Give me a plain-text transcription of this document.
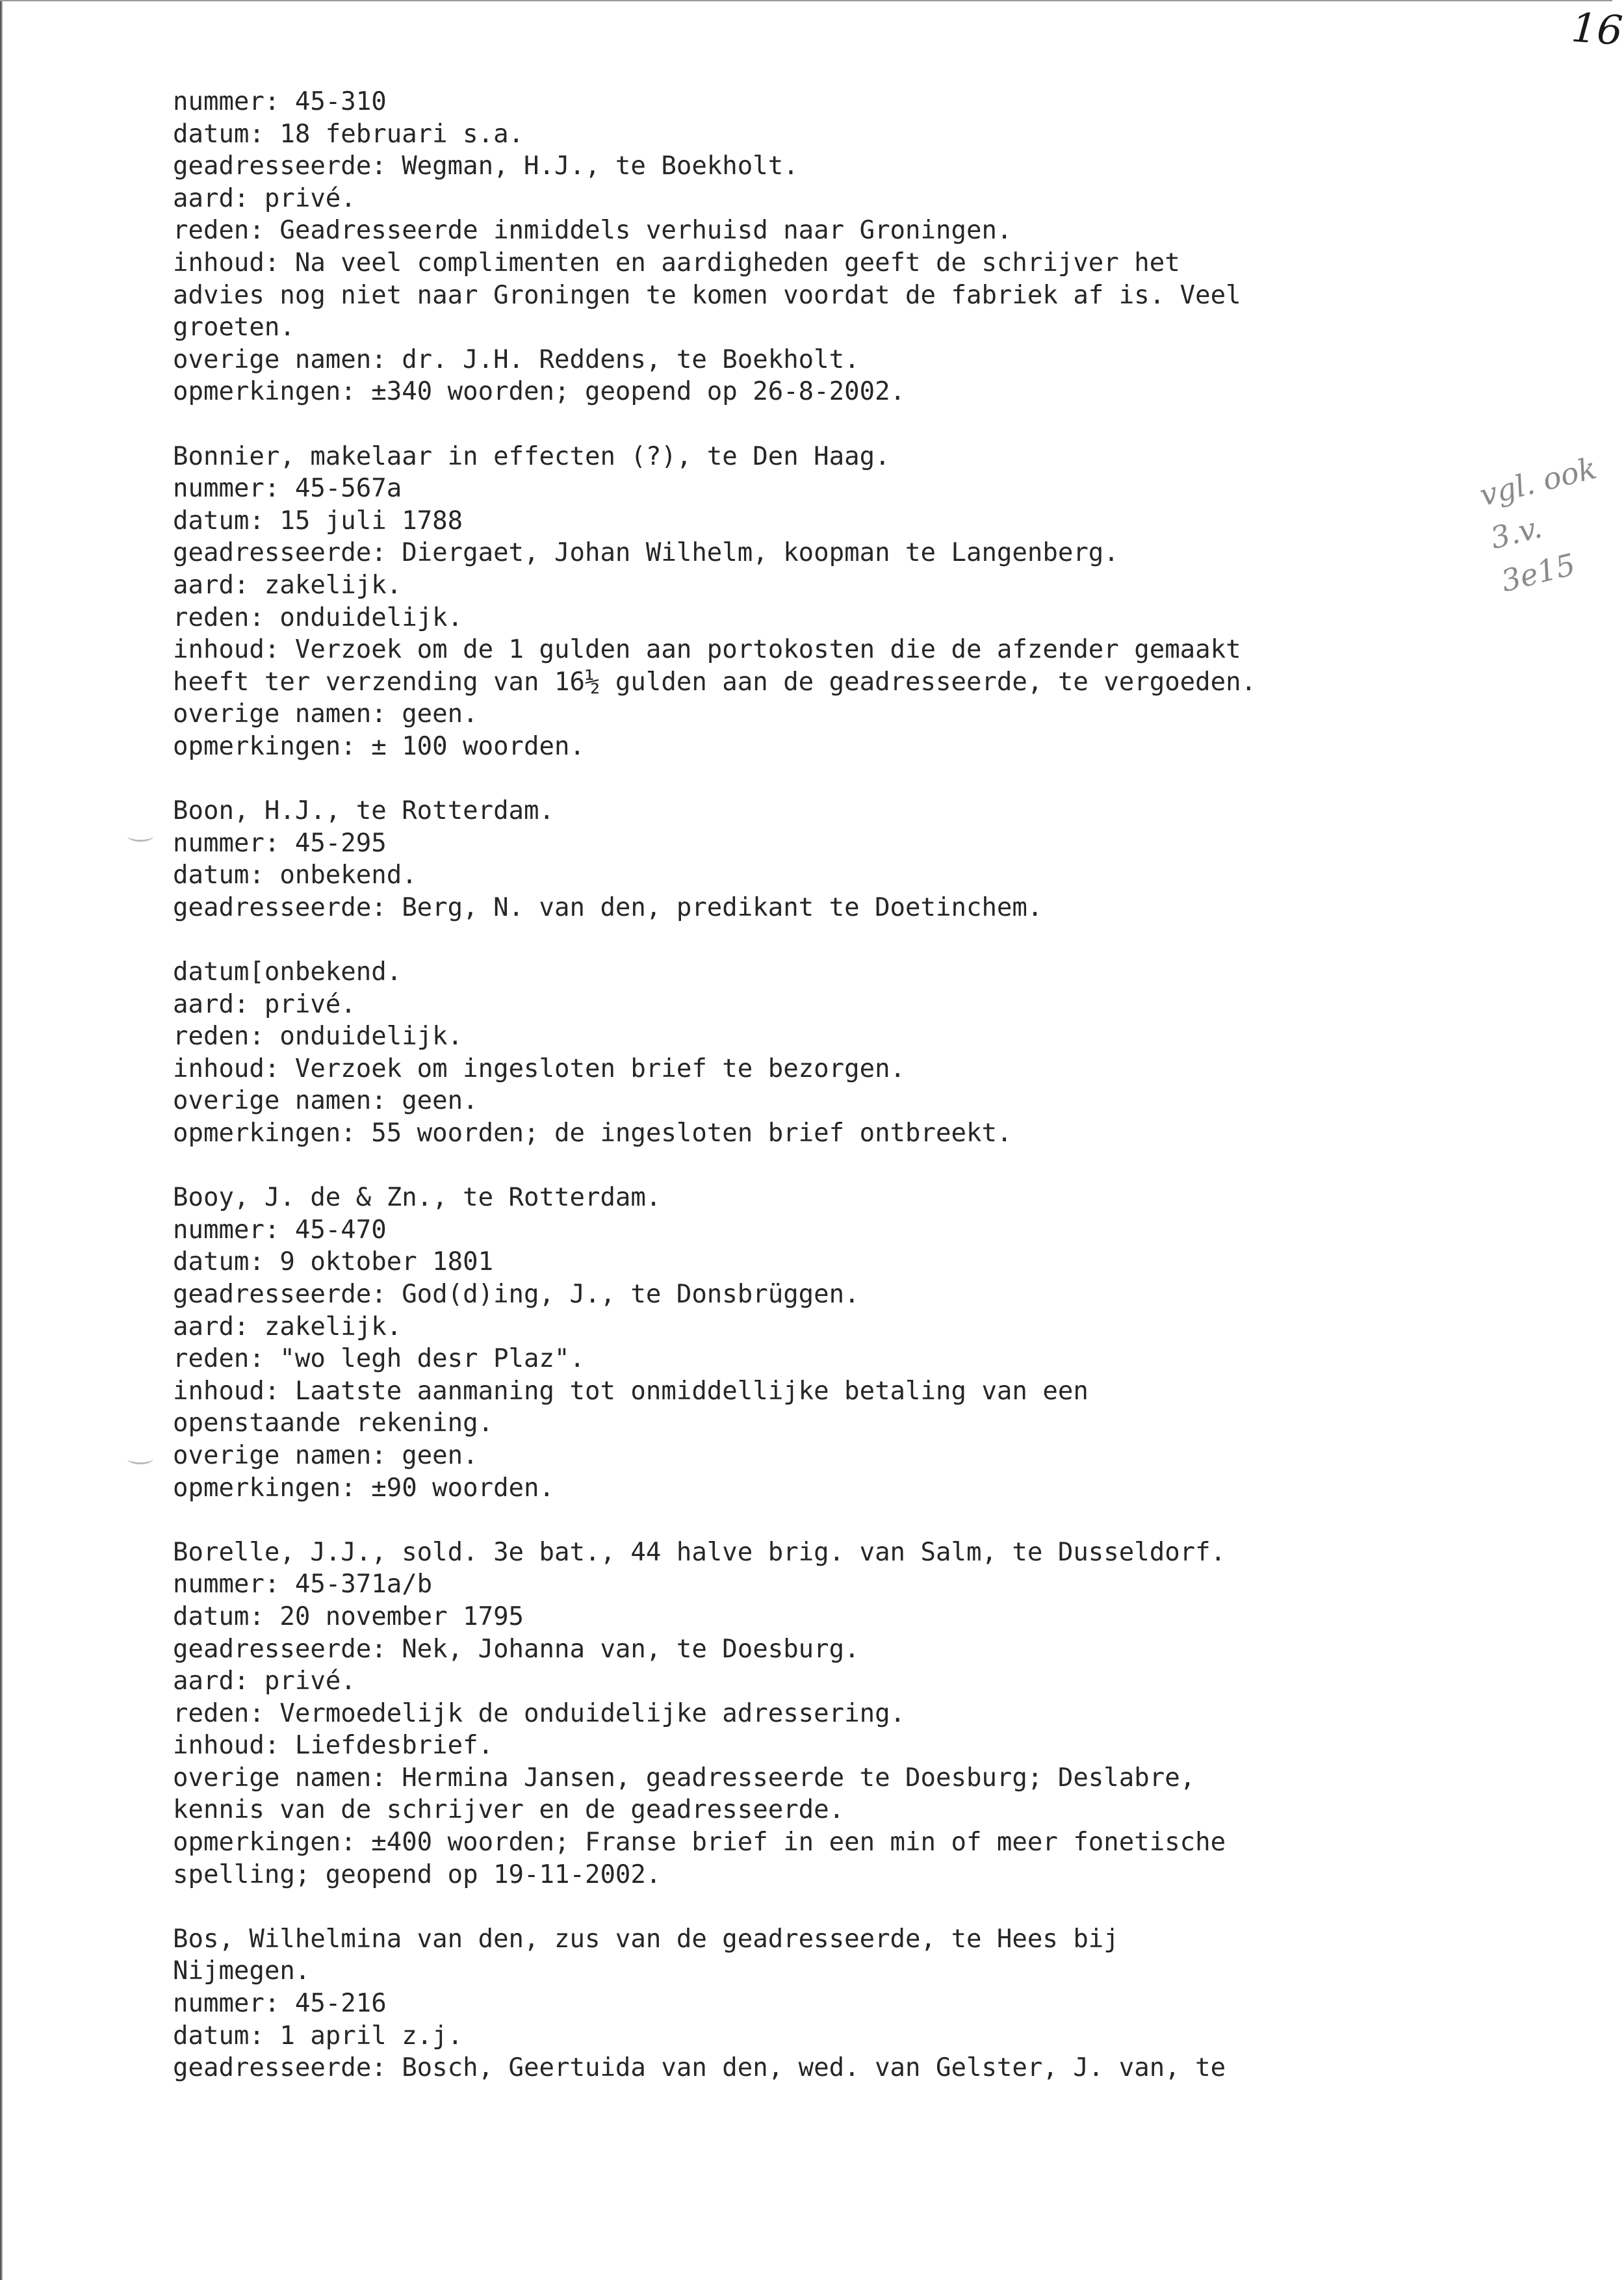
16
vgl. ook
3.v.
3e15
nummer: 45-310
datum: 18 februari s.a.
geadresseerde: Wegman, H.J., te Boekholt.
aard: privé.
reden: Geadresseerde inmiddels verhuisd naar Groningen.
inhoud: Na veel complimenten en aardigheden geeft de schrijver het
advies nog niet naar Groningen te komen voordat de fabriek af is. Veel
groeten.
overige namen: dr. J.H. Reddens, te Boekholt.
opmerkingen: ±340 woorden; geopend op 26-8-2002.
Bonnier, makelaar in effecten (?), te Den Haag.
nummer: 45-567a
datum: 15 juli 1788
geadresseerde: Diergaet, Johan Wilhelm, koopman te Langenberg.
aard: zakelijk.
reden: onduidelijk.
inhoud: Verzoek om de 1 gulden aan portokosten die de afzender gemaakt
heeft ter verzending van 16½ gulden aan de geadresseerde, te vergoeden.
overige namen: geen.
opmerkingen: ± 100 woorden.
Boon, H.J., te Rotterdam.
nummer: 45-295
datum: onbekend.
geadresseerde: Berg, N. van den, predikant te Doetinchem.
datum[onbekend.
aard: privé.
reden: onduidelijk.
inhoud: Verzoek om ingesloten brief te bezorgen.
overige namen: geen.
opmerkingen: 55 woorden; de ingesloten brief ontbreekt.
Booy, J. de & Zn., te Rotterdam.
nummer: 45-470
datum: 9 oktober 1801
geadresseerde: God(d)ing, J., te Donsbrüggen.
aard: zakelijk.
reden: "wo legh desr Plaz".
inhoud: Laatste aanmaning tot onmiddellijke betaling van een
openstaande rekening.
overige namen: geen.
opmerkingen: ±90 woorden.
Borelle, J.J., sold. 3e bat., 44 halve brig. van Salm, te Dusseldorf.
nummer: 45-371a/b
datum: 20 november 1795
geadresseerde: Nek, Johanna van, te Doesburg.
aard: privé.
reden: Vermoedelijk de onduidelijke adressering.
inhoud: Liefdesbrief.
overige namen: Hermina Jansen, geadresseerde te Doesburg; Deslabre,
kennis van de schrijver en de geadresseerde.
opmerkingen: ±400 woorden; Franse brief in een min of meer fonetische
spelling; geopend op 19-11-2002.
Bos, Wilhelmina van den, zus van de geadresseerde, te Hees bij
Nijmegen.
nummer: 45-216
datum: 1 april z.j.
geadresseerde: Bosch, Geertuida van den, wed. van Gelster, J. van, te
